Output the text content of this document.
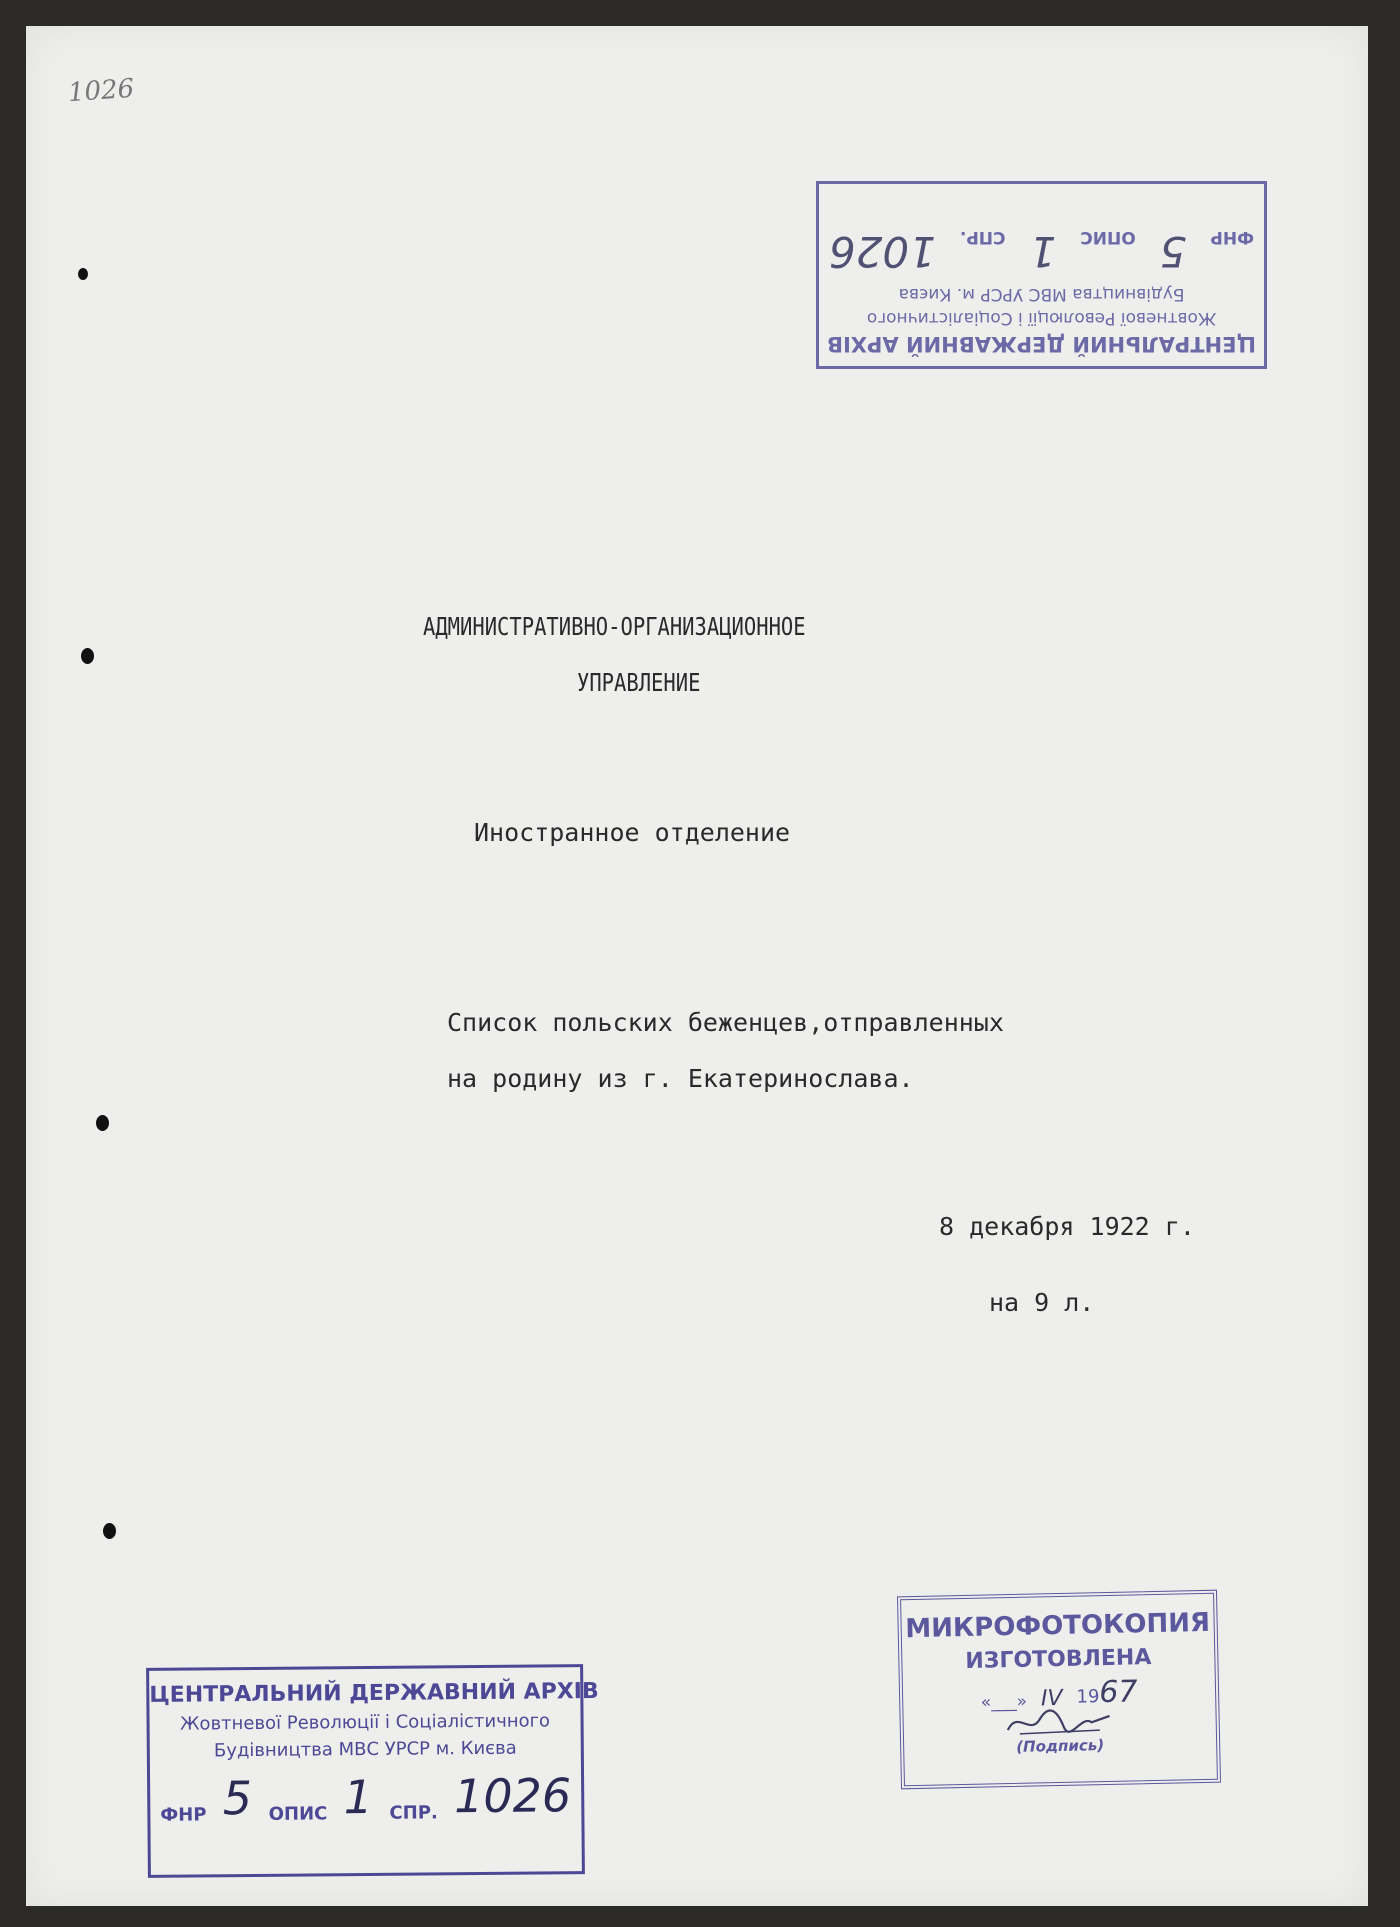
1026
ЦЕНТРАЛЬНИЙ ДЕРЖАВНИЙ АРХІВ
Жовтневої Революції і Соціалістичного
Будівництва МВС УРСР м. Києва
ФНР
5
ОПИС
1
СПР.
1026
АДМИНИСТРАТИВНО-ОРГАНИЗАЦИОННОЕ
УПРАВЛЕНИЕ
Иностранное отделение
Список польских беженцев,отправленных
на родину из г. Екатеринослава.
8 декабря 1922 г.
на 9 л.
МИКРОФОТОКОПИЯ
ИЗГОТОВЛЕНА
«___» IV 1967
(Подпись)
ЦЕНТРАЛЬНИЙ ДЕРЖАВНИЙ АРХІВ
Жовтневої Революції і Соціалістичного
Будівництва МВС УРСР м. Києва
ФНР 5 ОПИС 1 СПР. 1026
